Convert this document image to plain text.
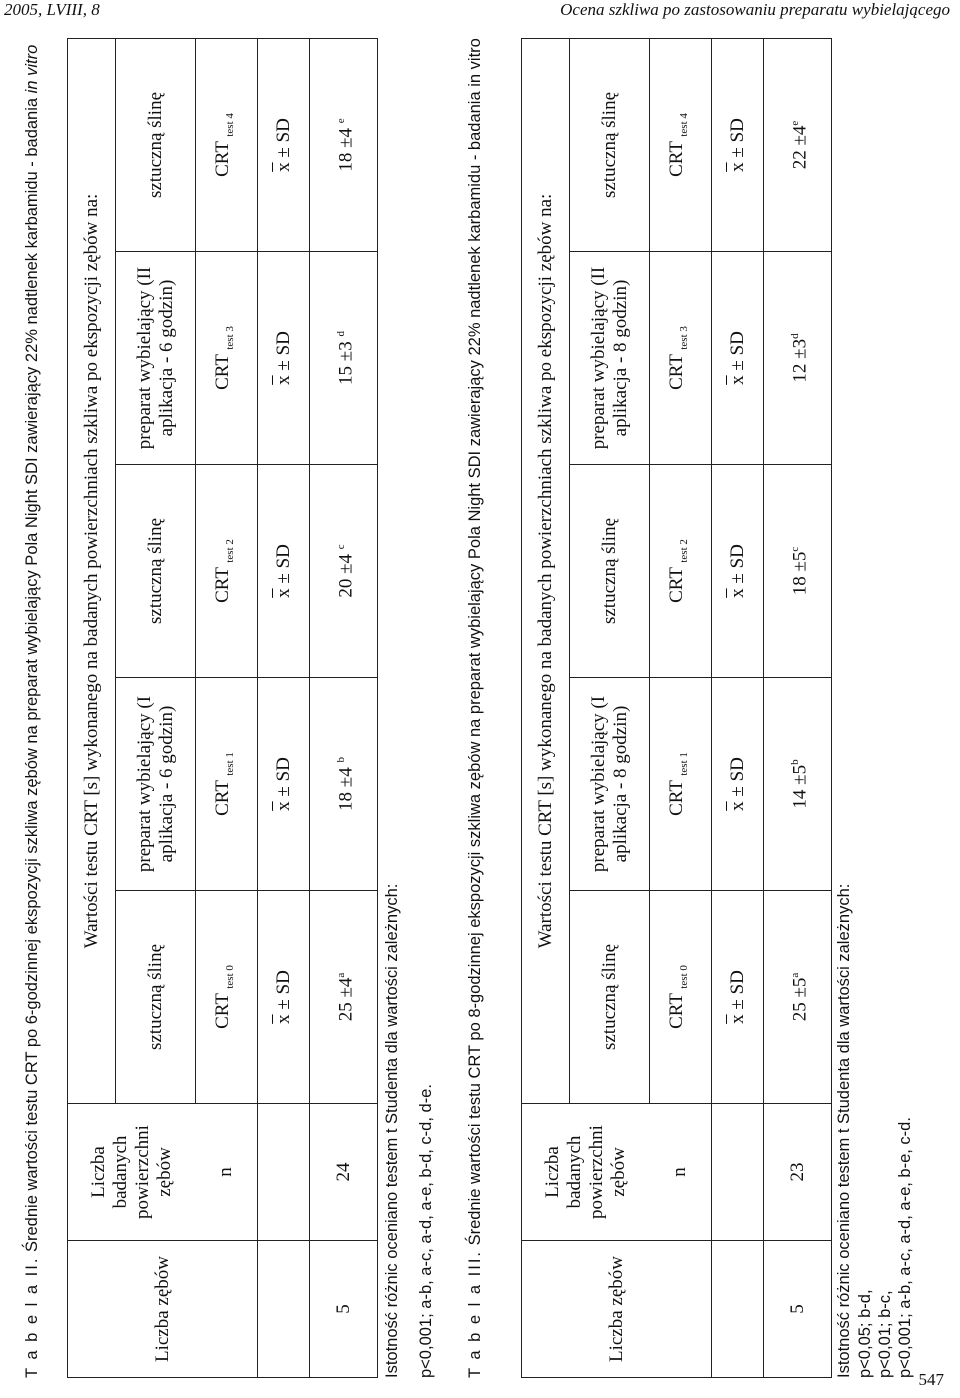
2005, LVIII, 8	Ocena szkliwa po zastosowaniu preparatu wybielającego
547
T a b e l a II. Średnie wartości testu CRT po 6-godzinnej ekspozycji szkliwa zębów na preparat wybielający Pola Night SDI zawierający 22% nadtlenek karbamidu - badania in vitro
Liczba zębów	Liczba badanych powierzchni zębów	Wartości testu CRT [s] wykonanego na badanych powierzchniach szkliwa po ekspozycji zębów na:				
		sztuczną ślinę	preparat wybielający (I aplikacja - 6 godzin)	sztuczną ślinę	preparat wybielający (II aplikacja - 6 godzin)	sztuczną ślinę
	n	CRT $_{test 0}$	CRT $_{test 1}$	CRT $_{test 2}$	CRT $_{test 3}$	CRT $_{test 4}$
		$\overline{x}$ ± SD	$\overline{x}$ ± SD	$\overline{x}$ ± SD	$\overline{x}$ ± SD	$\overline{x}$ ± SD
5	24	$25 \pm 4^a$	18 ±4 $^b$	20 ±4 $^c$	15 ±3 $^d$	18 ±4 $^e$
Istotność różnic oceniano testem t Studenta dla wartości zależnych: p<0,001; a-b, a-c, a-d, a-e, b-d, c-d, d-e. T a b e l a III. Średnie wartości testu CRT po 8-godzinnej ekspozycji szkliwa zębów na preparat wybielający Pola Night SDI zawierający 22% nadtlenek karbamidu - badania in vitro
Liczba zębów	Liczba badanych powierzchni zębów	Wartości testu CRT [s] wykonanego na badanych powierzchniach szkliwa po ekspozycji zębów na:				
		sztuczną ślinę	preparat wybielający (I aplikacja - 8 godzin)	sztuczną ślinę	preparat wybielający (II aplikacja - 8 godzin)	sztuczną ślinę
	n	CRT $_{test 0}$	CRT $_{test 1}$	CRT $_{test 2}$	CRT $_{test 3}$	CRT $_{test 4}$
		$\overline{x}$ ± SD	$\overline{x}$ ± SD	$\overline{x}$ ± SD	$\overline{x}$ ± SD	$\overline{x}$ ± SD
5	23	$25 \pm 5^a$	$14 \pm 5^b$	$18 \pm 5^c$	$12 \pm 3^d$	$22 \pm 4^e$
Istotność różnic oceniano testem t Studenta dla wartości zależnych: p<0,05; b-d, p<0,01; b-c, p<0,001; a-b, a-c, a-d, a-e, b-e, c-d.
